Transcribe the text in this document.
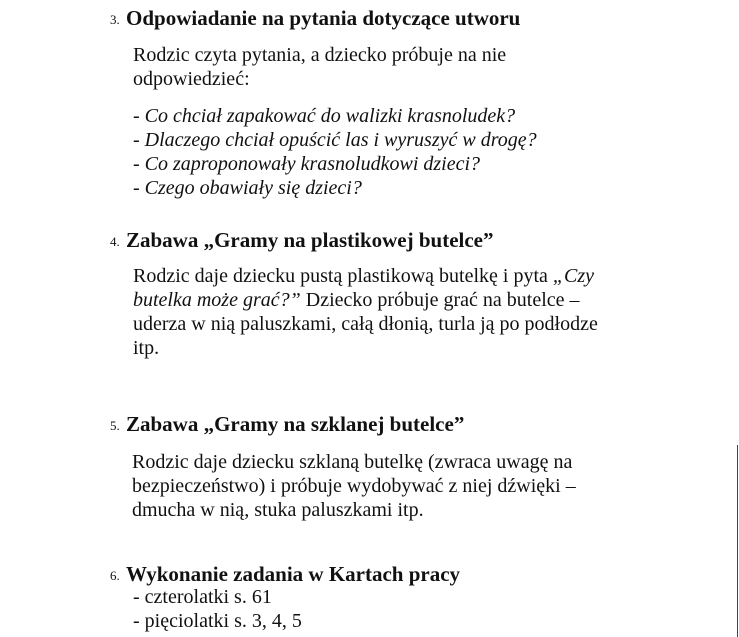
3. Odpowiadanie na pytania dotyczące utworu
Rodzic czyta pytania, a dziecko próbuje na nie
odpowiedzieć:
- Co chciał zapakować do walizki krasnoludek?
- Dlaczego chciał opuścić las i wyruszyć w drogę?
- Co zaproponowały krasnoludkowi dzieci?
- Czego obawiały się dzieci?
4. Zabawa „Gramy na plastikowej butelce”
Rodzic daje dziecku pustą plastikową butelkę i pyta „Czy
butelka może grać?” Dziecko próbuje grać na butelce –
uderza w nią paluszkami, całą dłonią, turla ją po podłodze
itp.
5. Zabawa „Gramy na szklanej butelce”
Rodzic daje dziecku szklaną butelkę (zwraca uwagę na
bezpieczeństwo) i próbuje wydobywać z niej dźwięki –
dmucha w nią, stuka paluszkami itp.
6. Wykonanie zadania w Kartach pracy
- czterolatki s. 61
- pięciolatki s. 3, 4, 5
